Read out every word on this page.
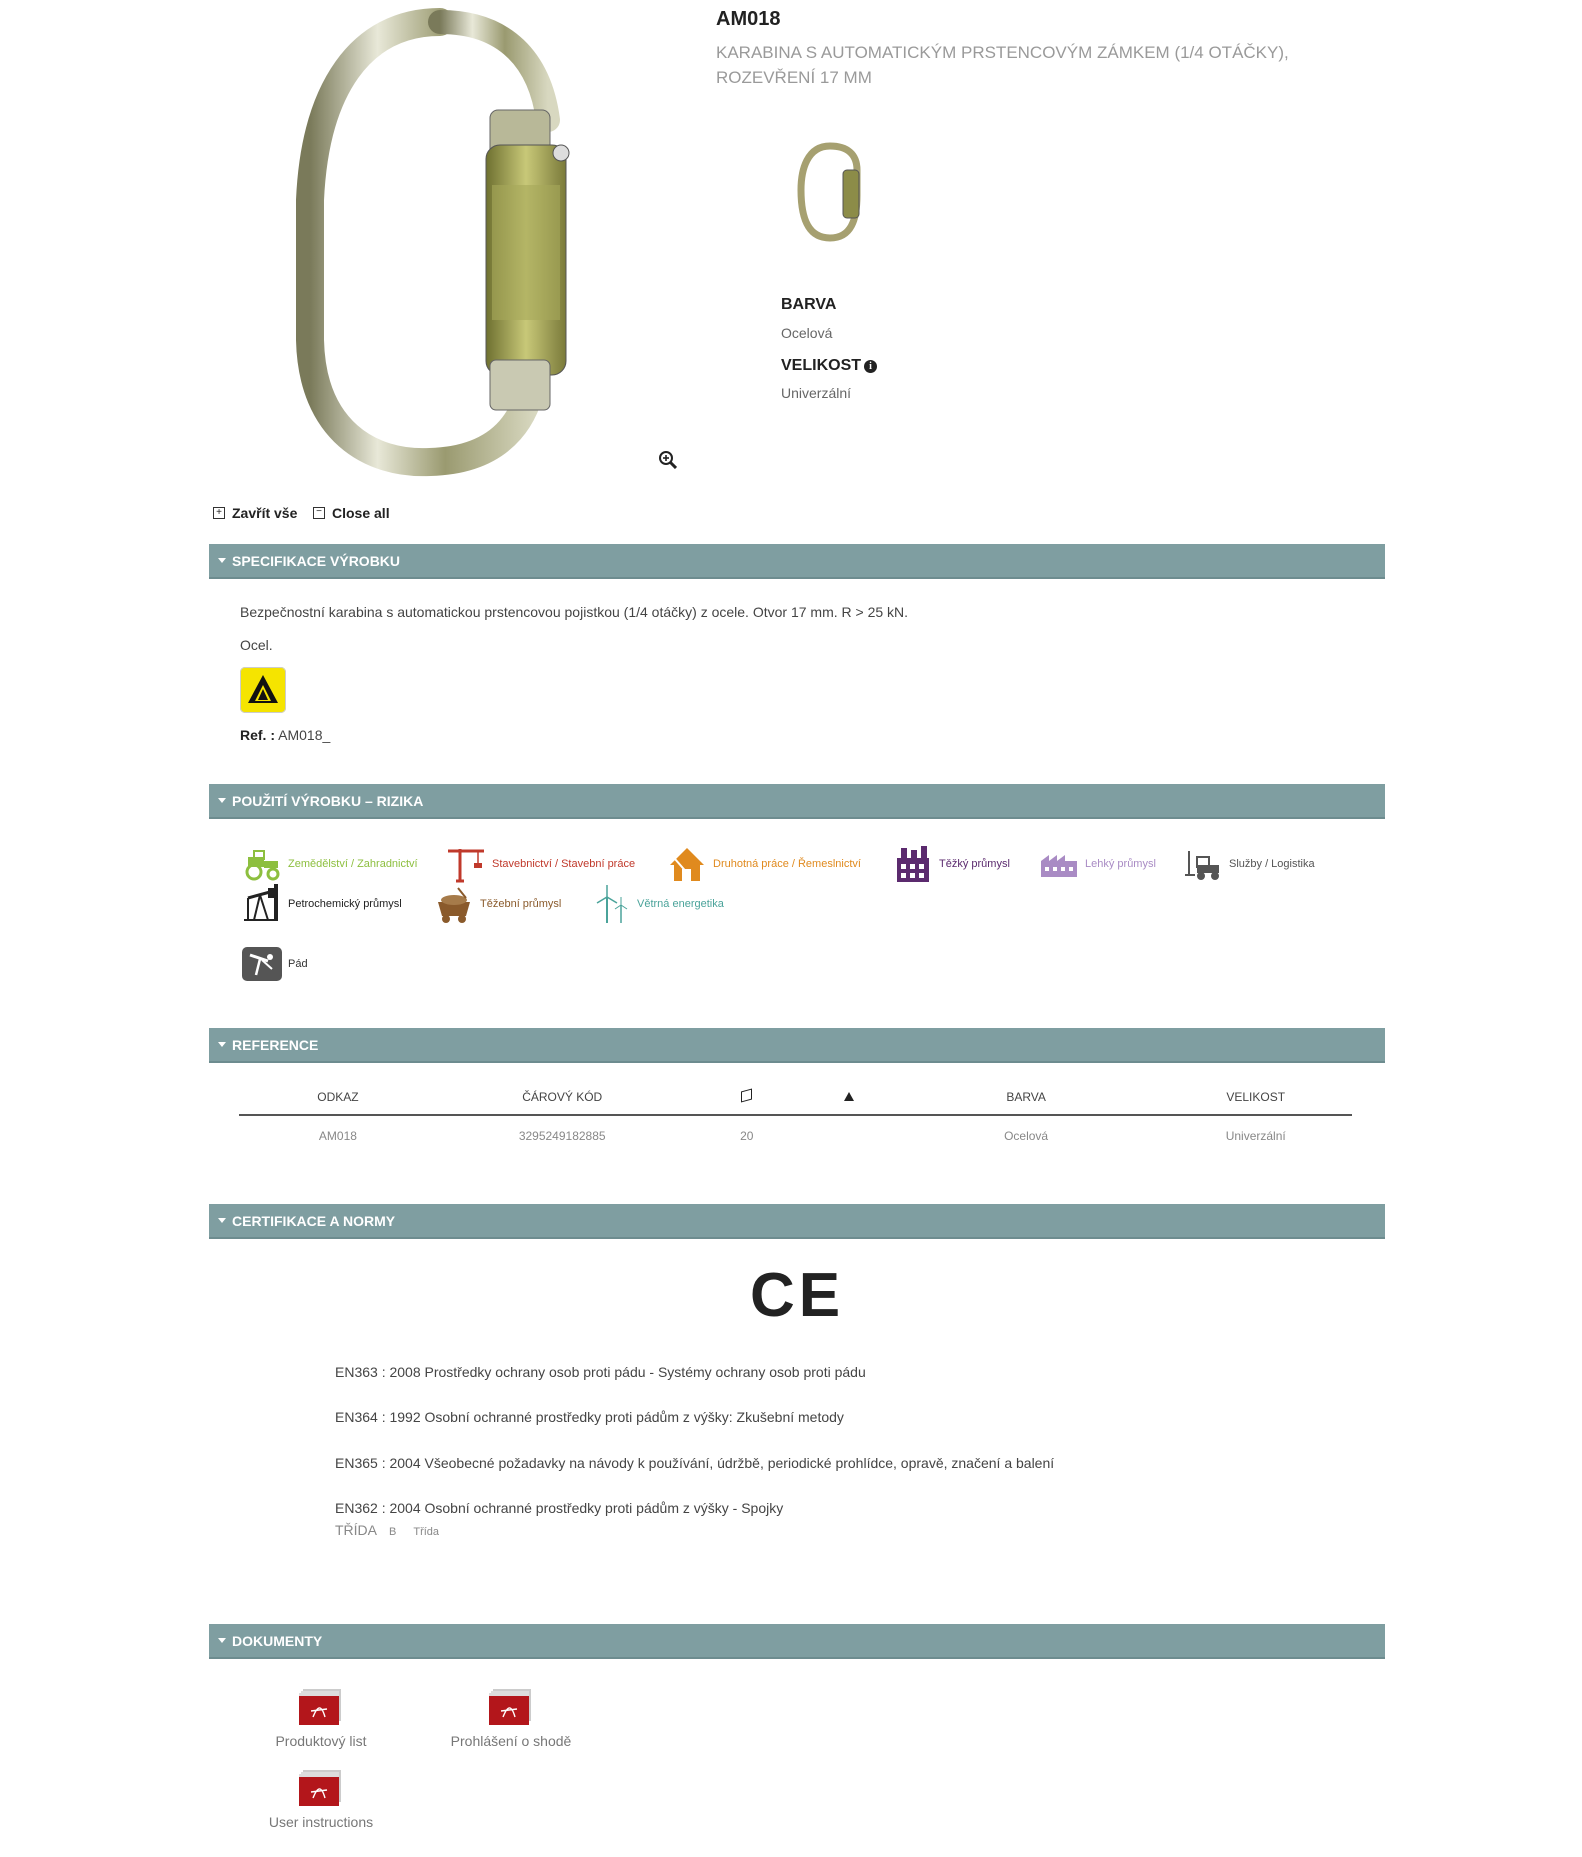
AM018
KARABINA S AUTOMATICKÝM PRSTENCOVÝM ZÁMKEM (1/4 OTÁČKY),
ROZEVŘENÍ 17 MM
BARVA
Ocelová
VELIKOST i
Univerzální
+ Zavřít vše	− Close all
SPECIFIKACE VÝROBKU
Bezpečnostní karabina s automatickou prstencovou pojistkou (1/4 otáčky) z ocele. Otvor 17 mm. R > 25 kN.
Ocel.
Ref. : AM018_
POUŽITÍ VÝROBKU – RIZIKA
Zemědělství / Zahradnictví	Stavebnictví / Stavební práce	Druhotná práce / Řemeslnictví	Těžký průmysl	Lehký průmysl	Služby / Logistika
Petrochemický průmysl	Těžební průmysl	Větrná energetika
Pád
REFERENCE
ODKAZ	ČÁROVÝ KÓD			BARVA	VELIKOST
AM018	3295249182885	20		Ocelová	Univerzální
CERTIFIKACE A NORMY
CE
EN363 : 2008 Prostředky ochrany osob proti pádu - Systémy ochrany osob proti pádu
EN364 : 1992 Osobní ochranné prostředky proti pádům z výšky: Zkušební metody
EN365 : 2004 Všeobecné požadavky na návody k používání, údržbě, periodické prohlídce, opravě, značení a balení
EN362 : 2004 Osobní ochranné prostředky proti pádům z výšky - Spojky
TŘÍDA B Třída
DOKUMENTY
Produktový list	Prohlášení o shodě
User instructions
